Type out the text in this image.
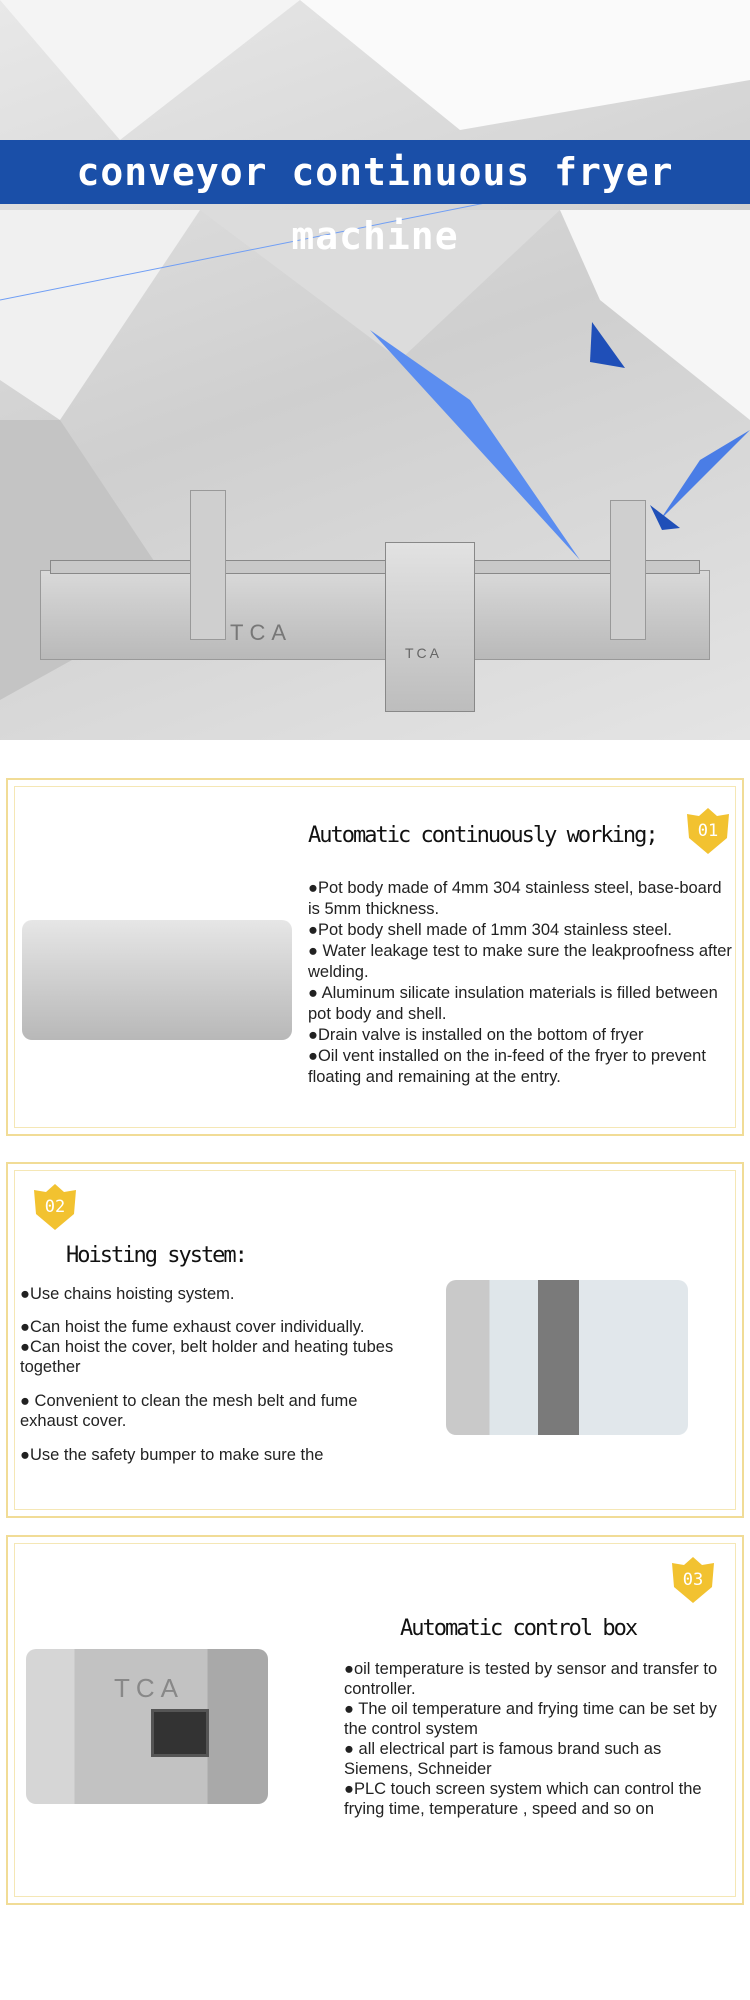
TCA
TCA
conveyor continuous fryer machine
Automatic continuously working; 01

●Pot body made of 4mm 304 stainless steel, base-board is 5mm thickness.

●Pot body shell made of 1mm 304 stainless steel.

● Water leakage test to make sure the leakproofness after welding.

● Aluminum silicate insulation materials is filled between pot body and shell.

●Drain valve is installed on the bottom of fryer

●Oil vent installed on the in-feed of the fryer to prevent floating and remaining at the entry.

02
Hoisting system:

●Use chains hoisting system.

●Can hoist the fume exhaust cover individually.

●Can hoist the cover, belt holder and heating tubes together

● Convenient to clean the mesh belt and fume exhaust cover.

●Use the safety bumper to make sure the

03
Automatic control box
TCA

●oil temperature is tested by sensor and transfer to controller.

● The oil temperature and frying time can be set by the control system

● all electrical part is famous brand such as Siemens, Schneider

●PLC touch screen system which can control the frying time, temperature , speed and so on
